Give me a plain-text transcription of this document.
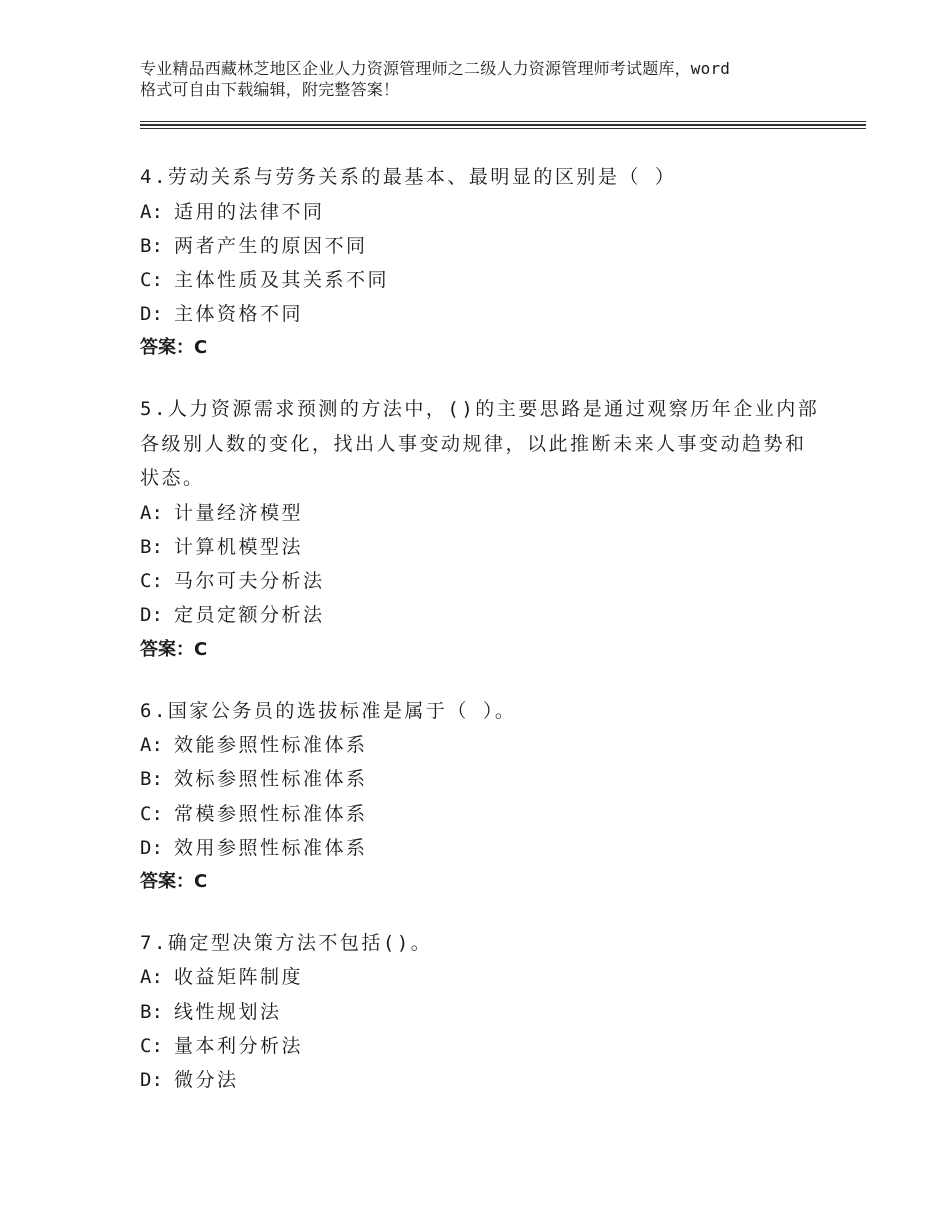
专业精品西藏林芝地区企业人力资源管理师之二级人力资源管理师考试题库，word
格式可自由下载编辑，附完整答案！

4.劳动关系与劳务关系的最基本、最明显的区别是（ ）

A: 适用的法律不同

B: 两者产生的原因不同

C: 主体性质及其关系不同

D: 主体资格不同

答案：C

5.人力资源需求预测的方法中，()的主要思路是通过观察历年企业内部各级别人数的变化，找出人事变动规律，以此推断未来人事变动趋势和状态。

A: 计量经济模型

B: 计算机模型法

C: 马尔可夫分析法

D: 定员定额分析法

答案：C

6.国家公务员的选拔标准是属于（ ）。

A: 效能参照性标准体系

B: 效标参照性标准体系

C: 常模参照性标准体系

D: 效用参照性标准体系

答案：C

7.确定型决策方法不包括()。

A: 收益矩阵制度

B: 线性规划法

C: 量本利分析法

D: 微分法
